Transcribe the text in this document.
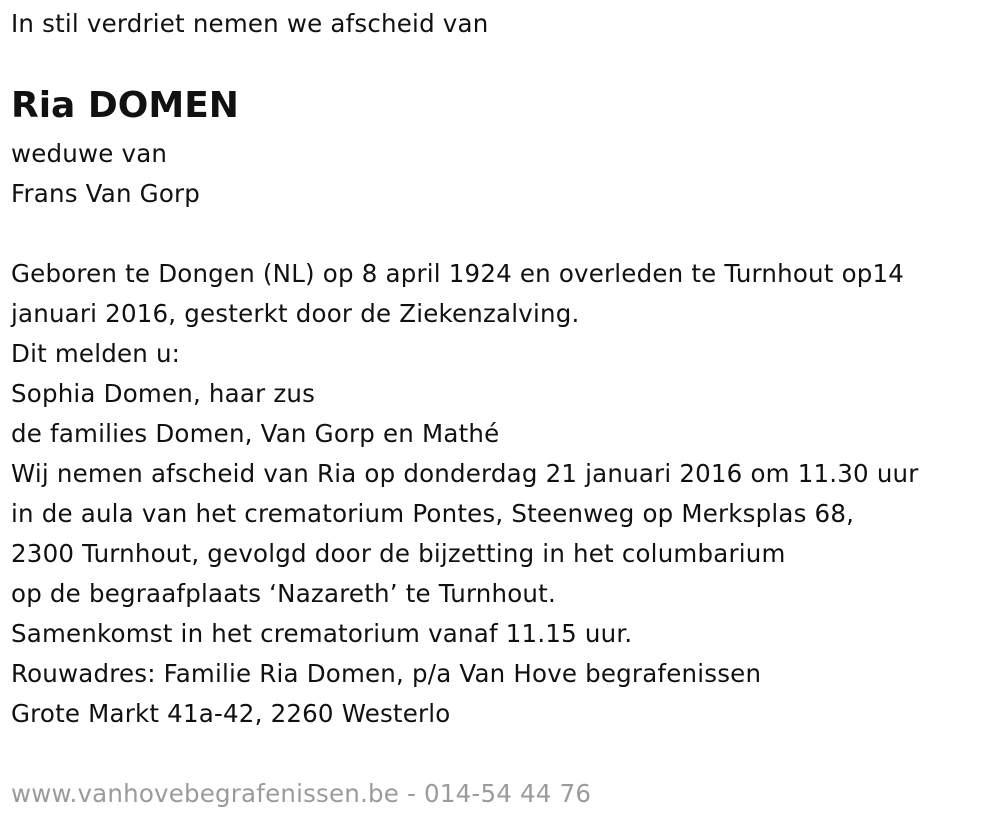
In stil verdriet nemen we afscheid van
Ria DOMEN
weduwe van
Frans Van Gorp
Geboren te Dongen (NL) op 8 april 1924 en overleden te Turnhout op14
januari 2016, gesterkt door de Ziekenzalving.
Dit melden u:
Sophia Domen, haar zus
de families Domen, Van Gorp en Mathé
Wij nemen afscheid van Ria op donderdag 21 januari 2016 om 11.30 uur
in de aula van het crematorium Pontes, Steenweg op Merksplas 68,
2300 Turnhout, gevolgd door de bijzetting in het columbarium
op de begraafplaats ‘Nazareth’ te Turnhout.
Samenkomst in het crematorium vanaf 11.15 uur.
Rouwadres: Familie Ria Domen, p/a Van Hove begrafenissen
Grote Markt 41a-42, 2260 Westerlo
www.vanhovebegrafenissen.be - 014-54 44 76
